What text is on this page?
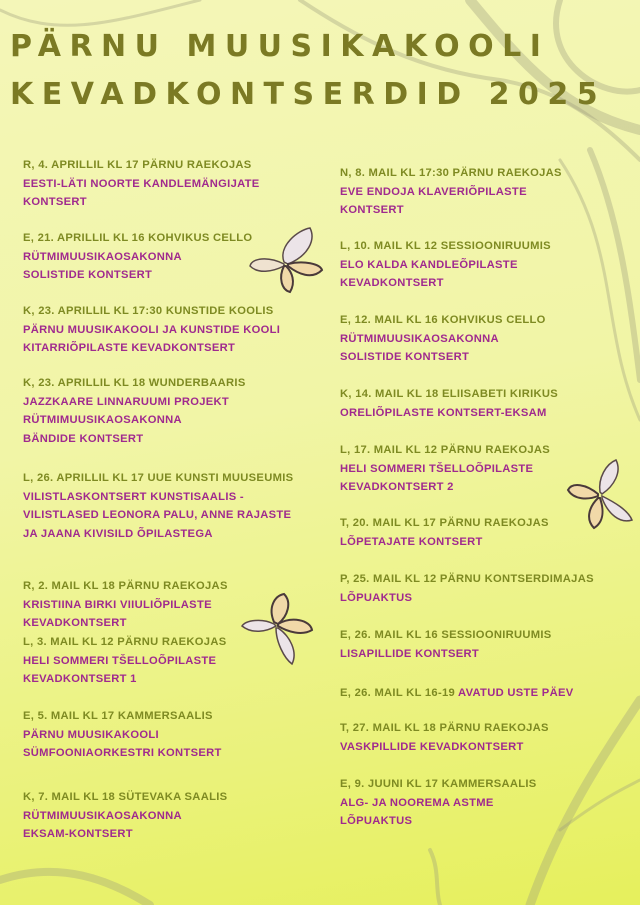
PÄRNU MUUSIKAKOOLI
KEVADKONTSERDID 2025
R, 4. APRILLIL KL 17 PÄRNU RAEKOJAS
EESTI-LÄTI NOORTE KANDLEMÄNGIJATE
KONTSERT
E, 21. APRILLIL KL 16 KOHVIKUS CELLO
RÜTMIMUUSIKAOSAKONNA
SOLISTIDE KONTSERT
K, 23. APRILLIL KL 17:30 KUNSTIDE KOOLIS
PÄRNU MUUSIKAKOOLI JA KUNSTIDE KOOLI
KITARRIÕPILASTE KEVADKONTSERT
K, 23. APRILLIL KL 18 WUNDERBAARIS
JAZZKAARE LINNARUUMI PROJEKT
RÜTMIMUUSIKAOSAKONNA
BÄNDIDE KONTSERT
L, 26. APRILLIL KL 17 UUE KUNSTI MUUSEUMIS
VILISTLASKONTSERT KUNSTISAALIS -
VILISTLASED LEONORA PALU, ANNE RAJASTE
JA JAANA KIVISILD ÕPILASTEGA
R, 2. MAIL KL 18 PÄRNU RAEKOJAS
KRISTIINA BIRKI VIIULIÕPILASTE
KEVADKONTSERT
L, 3. MAIL KL 12 PÄRNU RAEKOJAS
HELI SOMMERI TŠELLOÕPILASTE
KEVADKONTSERT 1
E, 5. MAIL KL 17 KAMMERSAALIS
PÄRNU MUUSIKAKOOLI
SÜMFOONIAORKESTRI KONTSERT
K, 7. MAIL KL 18 SÜTEVAKA SAALIS
RÜTMIMUUSIKAOSAKONNA
EKSAM-KONTSERT
N, 8. MAIL KL 17:30 PÄRNU RAEKOJAS
EVE ENDOJA KLAVERIÕPILASTE
KONTSERT
L, 10. MAIL KL 12 SESSIOONIRUUMIS
ELO KALDA KANDLEÕPILASTE
KEVADKONTSERT
E, 12. MAIL KL 16 KOHVIKUS CELLO
RÜTMIMUUSIKAOSAKONNA
SOLISTIDE KONTSERT
K, 14. MAIL KL 18 ELIISABETI KIRIKUS
ORELIÕPILASTE KONTSERT-EKSAM
L, 17. MAIL KL 12 PÄRNU RAEKOJAS
HELI SOMMERI TŠELLOÕPILASTE
KEVADKONTSERT 2
T, 20. MAIL KL 17 PÄRNU RAEKOJAS
LÕPETAJATE KONTSERT
P, 25. MAIL KL 12 PÄRNU KONTSERDIMAJAS
LÕPUAKTUS
E, 26. MAIL KL 16 SESSIOONIRUUMIS
LISAPILLIDE KONTSERT
E, 26. MAIL KL 16-19 AVATUD USTE PÄEV
T, 27. MAIL KL 18 PÄRNU RAEKOJAS
VASKPILLIDE KEVADKONTSERT
E, 9. JUUNI KL 17 KAMMERSAALIS
ALG- JA NOOREMA ASTME
LÕPUAKTUS
